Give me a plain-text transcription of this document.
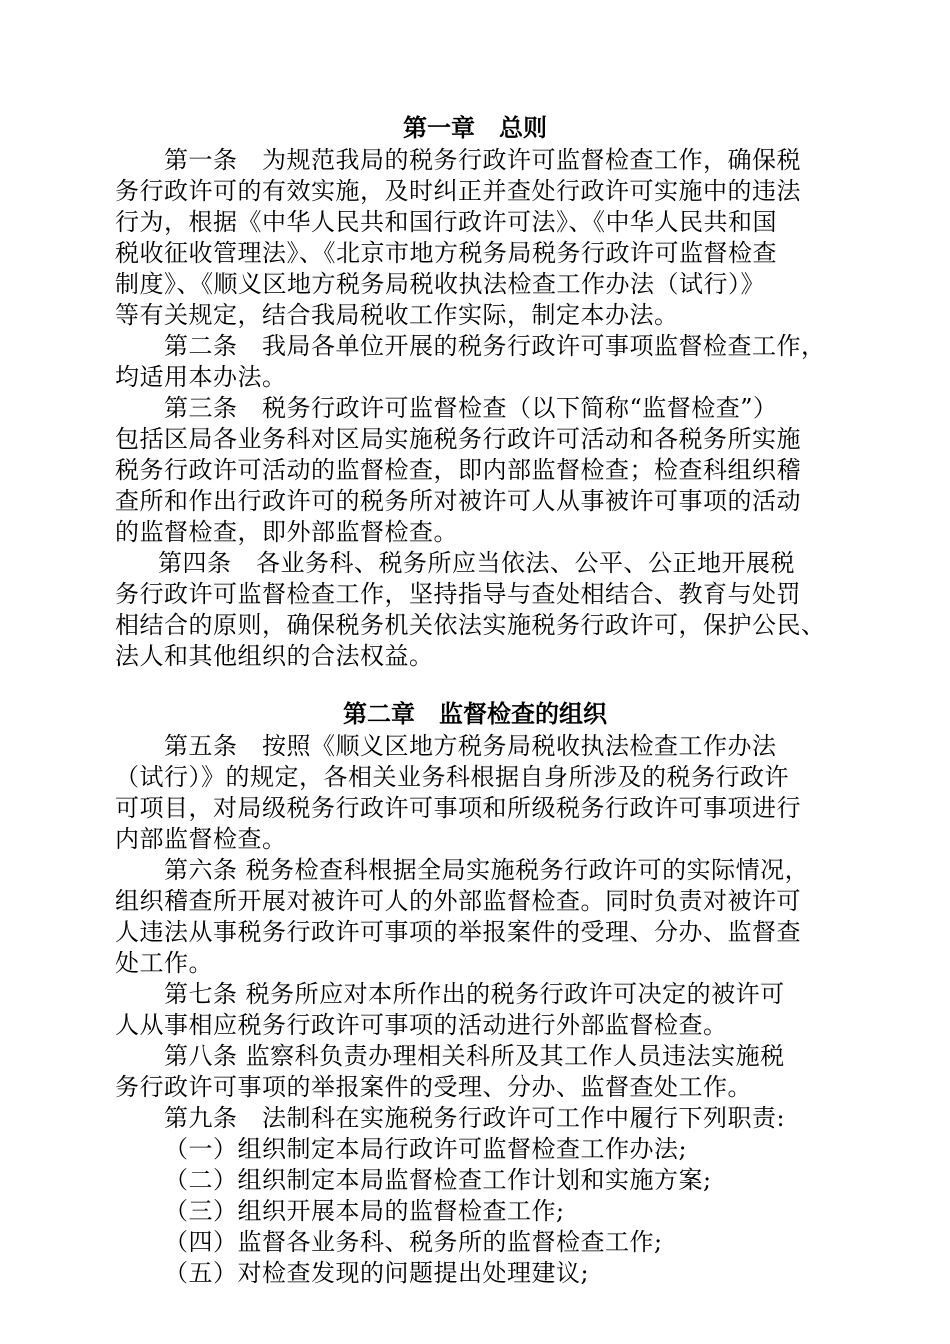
第一章　总则
第一条　为规范我局的税务行政许可监督检查工作，确保税
务行政许可的有效实施，及时纠正并查处行政许可实施中的违法
行为，根据《中华人民共和国行政许可法》、《中华人民共和国
税收征收管理法》、《北京市地方税务局税务行政许可监督检查
制度》、《顺义区地方税务局税收执法检查工作办法（试行）》
等有关规定，结合我局税收工作实际，制定本办法。
第二条　我局各单位开展的税务行政许可事项监督检查工作，
均适用本办法。
第三条　税务行政许可监督检查（以下简称“监督检查”）
包括区局各业务科对区局实施税务行政许可活动和各税务所实施
税务行政许可活动的监督检查，即内部监督检查；检查科组织稽
查所和作出行政许可的税务所对被许可人从事被许可事项的活动
的监督检查，即外部监督检查。
第四条　各业务科、税务所应当依法、公平、公正地开展税
务行政许可监督检查工作，坚持指导与查处相结合、教育与处罚
相结合的原则，确保税务机关依法实施税务行政许可，保护公民、
法人和其他组织的合法权益。
第二章　监督检查的组织
第五条　按照《顺义区地方税务局税收执法检查工作办法
（试行）》的规定，各相关业务科根据自身所涉及的税务行政许
可项目，对局级税务行政许可事项和所级税务行政许可事项进行
内部监督检查。
第六条 税务检查科根据全局实施税务行政许可的实际情况，
组织稽查所开展对被许可人的外部监督检查。同时负责对被许可
人违法从事税务行政许可事项的举报案件的受理、分办、监督查
处工作。
第七条 税务所应对本所作出的税务行政许可决定的被许可
人从事相应税务行政许可事项的活动进行外部监督检查。
第八条 监察科负责办理相关科所及其工作人员违法实施税
务行政许可事项的举报案件的受理、分办、监督查处工作。
第九条　法制科在实施税务行政许可工作中履行下列职责:
（一）组织制定本局行政许可监督检查工作办法;
（二）组织制定本局监督检查工作计划和实施方案;
（三）组织开展本局的监督检查工作;
（四）监督各业务科、税务所的监督检查工作;
（五）对检查发现的问题提出处理建议;
